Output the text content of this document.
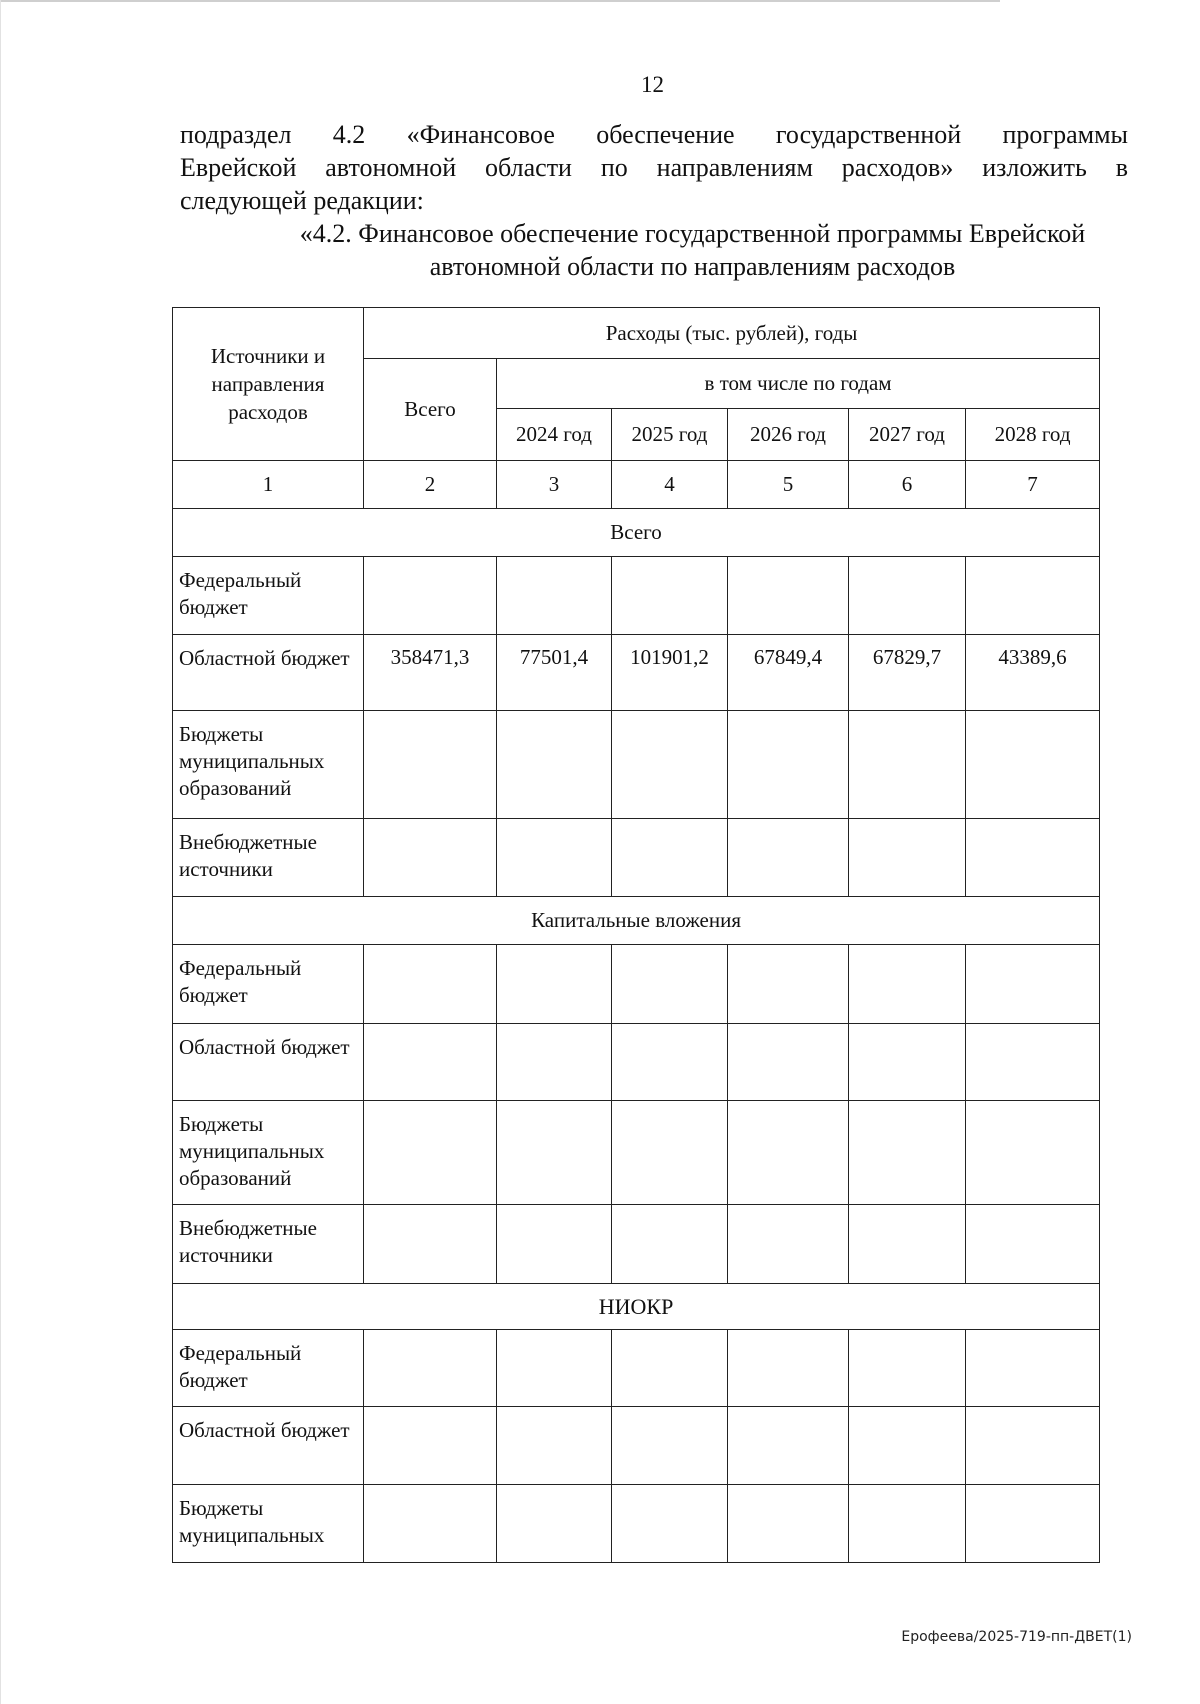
12
подраздел 4.2 «Финансовое обеспечение государственной программы
Еврейской автономной области по направлениям расходов» изложить в
следующей редакции:
«4.2. Финансовое обеспечение государственной программы Еврейской
автономной области по направлениям расходов
Источники и направления расходов	Расходы (тыс. рублей), годы					
	Всего	в том числе по годам				
		2024 год	2025 год	2026 год	2027 год	2028 год
1	2	3	4	5	6	7
Всего						
Федеральный бюджет						
Областной бюджет	358471,3	77501,4	101901,2	67849,4	67829,7	43389,6
Бюджеты муниципальных образований						
Внебюджетные источники						
Капитальные вложения						
Федеральный бюджет						
Областной бюджет						
Бюджеты муниципальных образований						
Внебюджетные источники						
НИОКР						
Федеральный бюджет						
Областной бюджет						
Бюджеты муниципальных						
Ерофеева/2025-719-пп-ДВЕТ(1)
